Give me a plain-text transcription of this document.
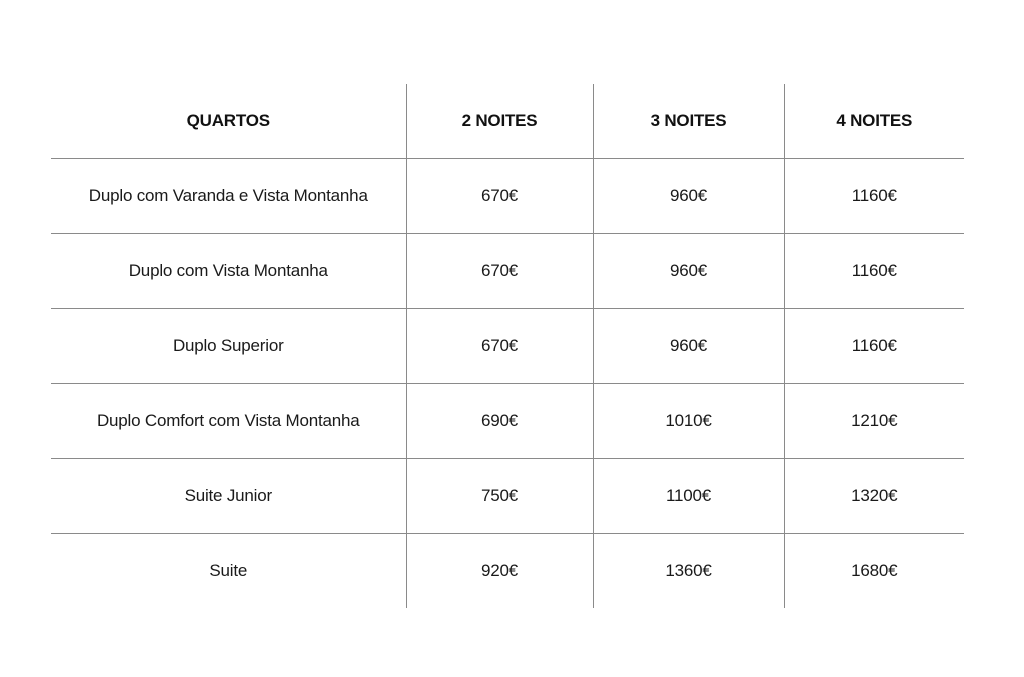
QUARTOS	2 NOITES	3 NOITES	4 NOITES
Duplo com Varanda e Vista Montanha	670€	960€	1160€
Duplo com Vista Montanha	670€	960€	1160€
Duplo Superior	670€	960€	1160€
Duplo Comfort com Vista Montanha	690€	1010€	1210€
Suite Junior	750€	1100€	1320€
Suite	920€	1360€	1680€
